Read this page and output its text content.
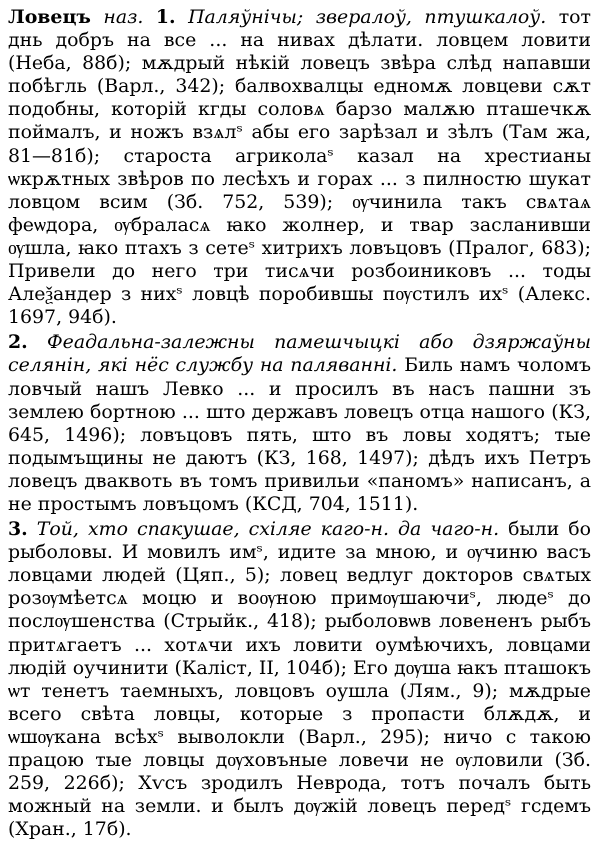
Ловецъ наз. 1. Паляўнічы; звералоў, птушкалоў. тот днь добръ на все ... на нивах дѣлати. ловцем ловити (Неба, 88б); мѫдрый нѣкій ловецъ звѣра слѣд напавши побѣгль (Варл., 342); балвохвалцы едномѫ ловцеви сѫт подобны, которій кгды соловѧ барзо малѫю пташечкѫ поймалъ, и ножъ взѧлˢ абы его зарѣзал и зѣлъ (Там жа, 81—81б); староста агриколаˢ казал на хрестианы ѡкрѫтных звѣров по лесѣхъ и горах ... з пилностю шукат ловцом всим (Зб. 752, 539); ѹчинила такъ свѧтаѧ феѡдора, ѹбраласѧ ꙗко жолнер, и твар засланивши ѹшла, ꙗко птахъ з сетеˢ хитрихъ ловъцовъ (Пралог, 683); Привели до него три тисѧчи розбоиниковъ ... тоды Алеѯандер з нихˢ ловцѣ поробившы пѹстилъ ихˢ (Алекс. 1697, 94б).

2. Феадальна-залежны памешчыцкі або дзяржаўны селянін, які нёс службу на паляванні. Биль намъ чоломъ ловчый нашъ Левко ... и просилъ въ насъ пашни зъ землею бортною ... што державъ ловецъ отца нашого (КЗ, 645, 1496); ловъцовъ пять, што въ ловы ходятъ; тые подымъщины не даютъ (КЗ, 168, 1497); дѣдъ ихъ Петръ ловецъ дваквоть въ томъ привильи «паномъ» написанъ, а не простымъ ловъцомъ (КСД, 704, 1511).

3. Той, хто спакушае, схіляе каго-н. да чаго-н. были бо рыболовы. И мовилъ имˢ, идите за мною, и ѹчиню васъ ловцами людей (Цяп., 5); ловец ведлуг докторов свѧтых розѹмѣетсѧ моцю и воѹною примѹшаючиˢ, людеˢ до послѹшенства (Стрыйк., 418); рыболовѡв ловененъ рыбъ притѧгаетъ ... хотѧчи ихъ ловити оумѣючихъ, ловцами людій оучинити (Каліст, II, 104б); Его дѹша ꙗкъ пташокъ ѡт тенетъ таемныхъ, ловцовъ оушла (Лям., 9); мѫдрые всего свѣта ловцы, которые з пропасти блѫдѫ, и ѡшѹкана всѣхˢ выволокли (Варл., 295); ничо с такою працою тые ловцы дѹховъные ловечи не ѹловили (Зб. 259, 226б); Хѵсъ зродилъ Неврода, тотъ почалъ быть можный на земли. и былъ дѹжій ловецъ передˢ гсдемъ (Хран., 17б).
